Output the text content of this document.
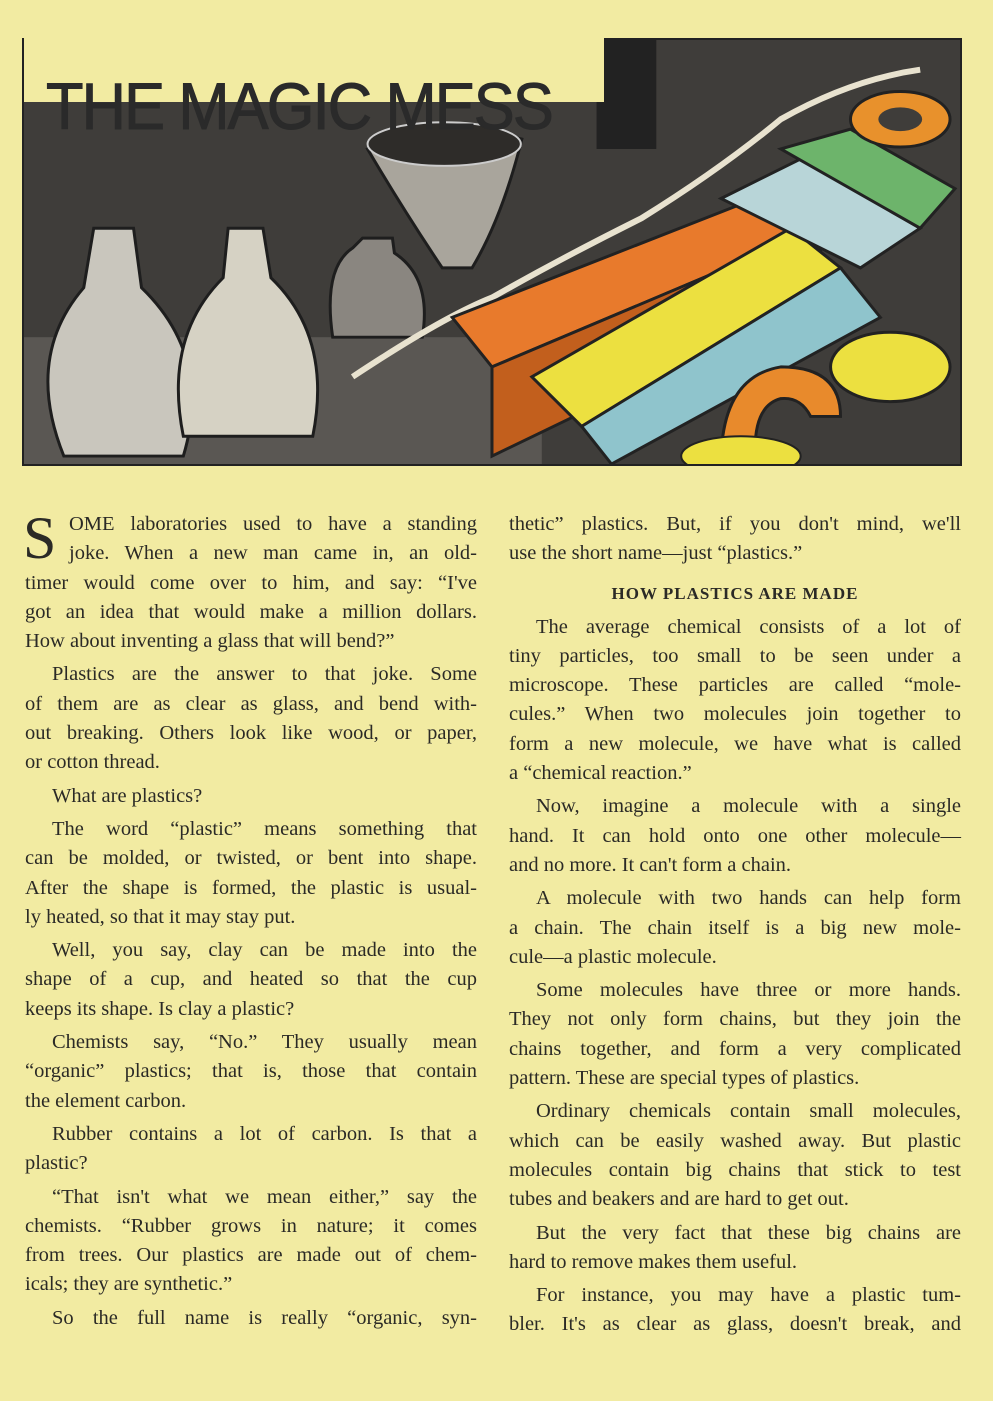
THE MAGIC MESS
S OME laboratories used to have a standing
joke. When a new man came in, an old-
timer would come over to him, and say: “I've
got an idea that would make a million dollars.
How about inventing a glass that will bend?”
Plastics are the answer to that joke. Some
of them are as clear as glass, and bend with-
out breaking. Others look like wood, or paper,
or cotton thread.
What are plastics?
The word “plastic” means something that
can be molded, or twisted, or bent into shape.
After the shape is formed, the plastic is usual-
ly heated, so that it may stay put.
Well, you say, clay can be made into the
shape of a cup, and heated so that the cup
keeps its shape. Is clay a plastic?
Chemists say, “No.” They usually mean
“organic” plastics; that is, those that contain
the element carbon.
Rubber contains a lot of carbon. Is that a
plastic?
“That isn't what we mean either,” say the
chemists. “Rubber grows in nature; it comes
from trees. Our plastics are made out of chem-
icals; they are synthetic.”
So the full name is really “organic, syn-
thetic” plastics. But, if you don't mind, we'll
use the short name—just “plastics.”
HOW PLASTICS ARE MADE
The average chemical consists of a lot of
tiny particles, too small to be seen under a
microscope. These particles are called “mole-
cules.” When two molecules join together to
form a new molecule, we have what is called
a “chemical reaction.”
Now, imagine a molecule with a single
hand. It can hold onto one other molecule—
and no more. It can't form a chain.
A molecule with two hands can help form
a chain. The chain itself is a big new mole-
cule—a plastic molecule.
Some molecules have three or more hands.
They not only form chains, but they join the
chains together, and form a very complicated
pattern. These are special types of plastics.
Ordinary chemicals contain small molecules,
which can be easily washed away. But plastic
molecules contain big chains that stick to test
tubes and beakers and are hard to get out.
But the very fact that these big chains are
hard to remove makes them useful.
For instance, you may have a plastic tum-
bler. It's as clear as glass, doesn't break, and
